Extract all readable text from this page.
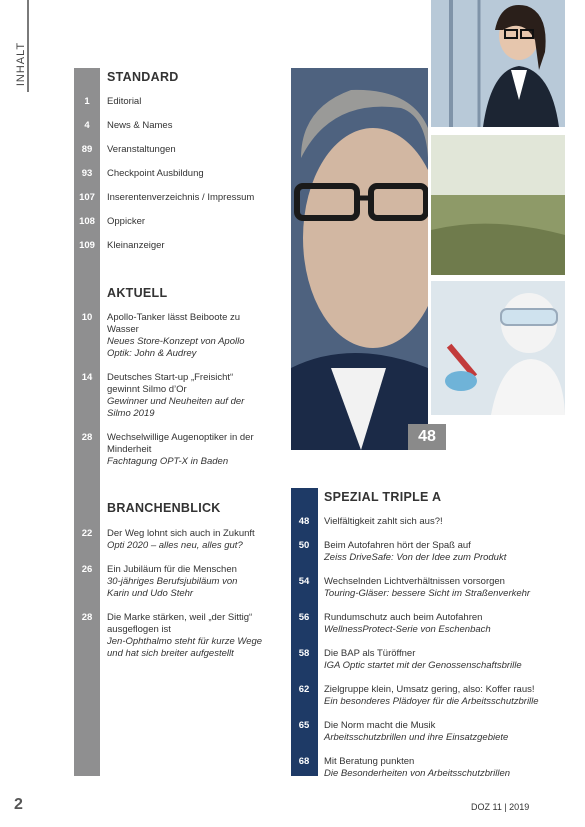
INHALT	STANDARD
1	Editorial
4	News & Names
89	Veranstaltungen
93	Checkpoint Ausbildung
107	Inserentenverzeichnis / Impressum
108	Oppicker
109	Kleinanzeiger
AKTUELL
10	Apollo-Tanker lässt Beiboote zu Wasser
Neues Store-Konzept von Apollo Optik: John & Audrey
14	Deutsches Start-up „Freisicht“ gewinnt Silmo d’Or
Gewinner und Neuheiten auf der Silmo 2019
28	Wechselwillige Augenoptiker in der Minderheit
Fachtagung OPT-X in Baden
BRANCHENBLICK
22	Der Weg lohnt sich auch in Zukunft
Opti 2020 – alles neu, alles gut?
26	Ein Jubiläum für die Menschen
30-jähriges Berufsjubiläum von Karin und Udo Stehr
28	Die Marke stärken, weil „der Sittig“ ausgeflogen ist
Jen-Ophthalmo steht für kurze Wege und hat sich breiter aufgestellt
48
SPEZIAL TRIPLE A
48	Vielfältigkeit zahlt sich aus?!
50	Beim Autofahren hört der Spaß auf
Zeiss DriveSafe: Von der Idee zum Produkt
54	Wechselnden Lichtverhältnissen vorsorgen
Touring-Gläser: bessere Sicht im Straßenverkehr
56	Rundumschutz auch beim Autofahren
WellnessProtect-Serie von Eschenbach
58	Die BAP als Türöffner
IGA Optic startet mit der Genossenschaftsbrille
62	Zielgruppe klein, Umsatz gering, also: Koffer raus!
Ein besonderes Plädoyer für die Arbeitsschutzbrille
65	Die Norm macht die Musik
Arbeitsschutzbrillen und ihre Einsatzgebiete
68	Mit Beratung punkten
Die Besonderheiten von Arbeitsschutzbrillen
2	DOZ 11 | 2019
